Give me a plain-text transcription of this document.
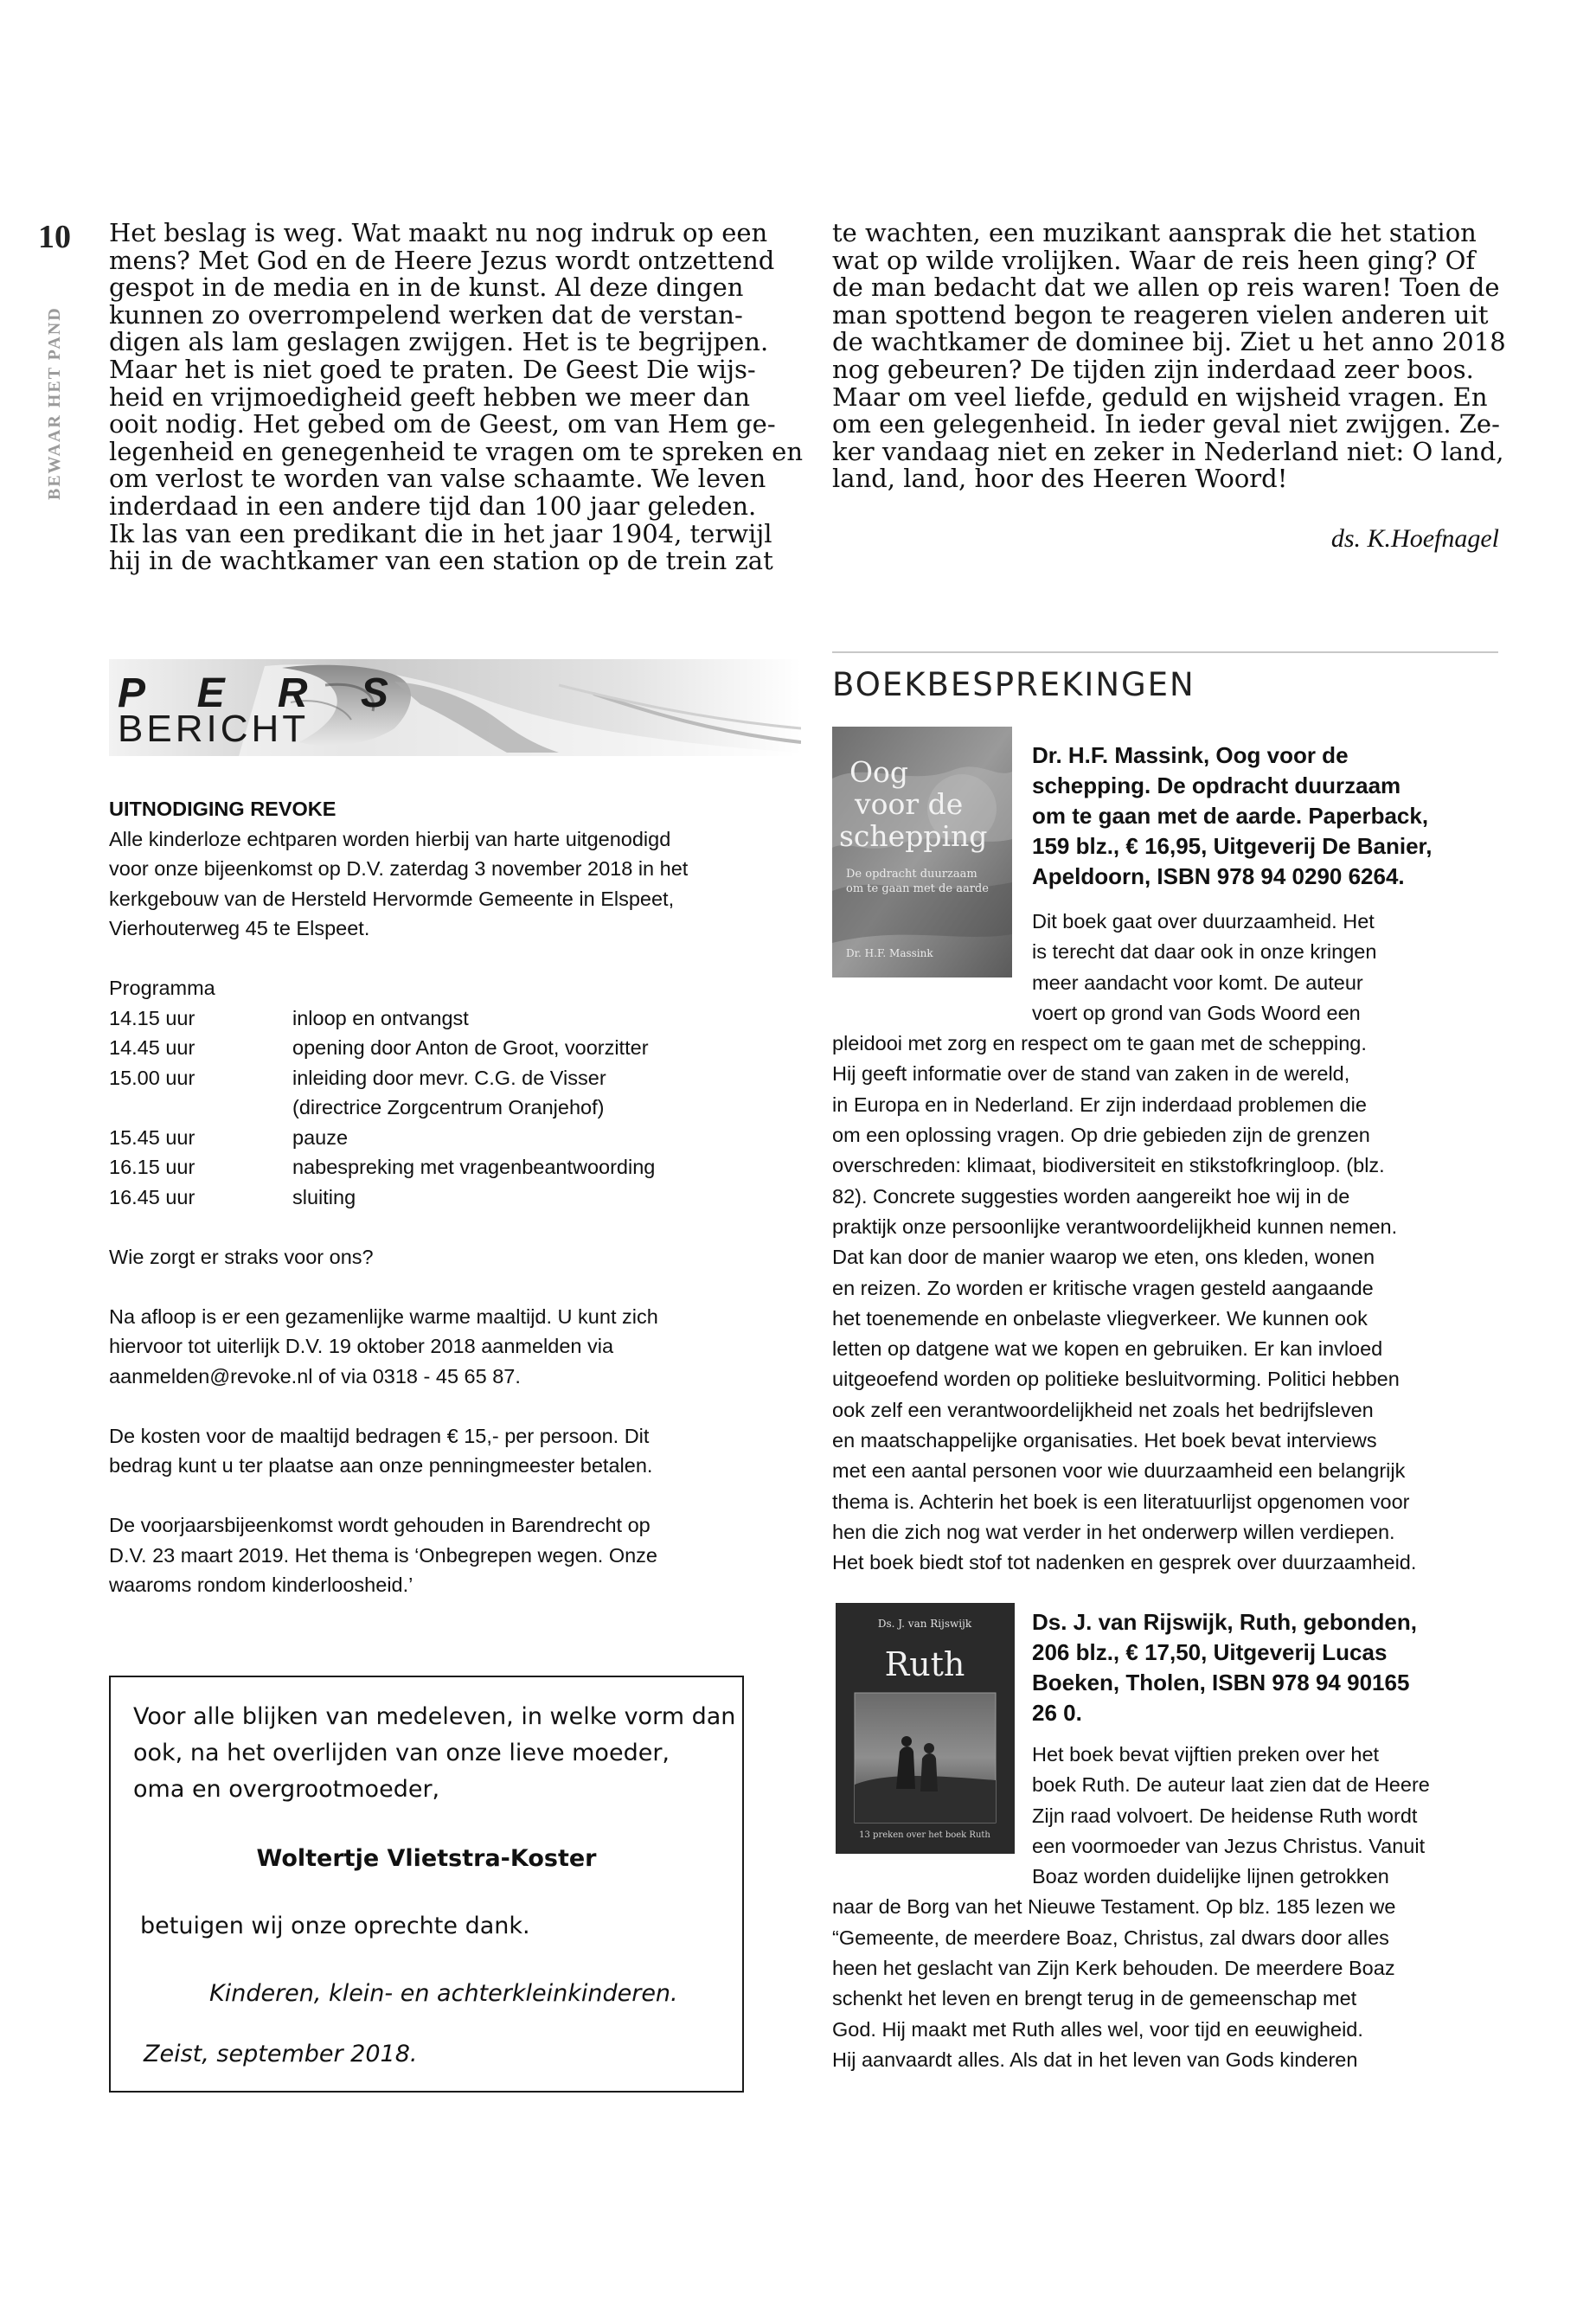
10
BEWAAR HET PAND
Het beslag is weg. Wat maakt nu nog indruk op een
mens? Met God en de Heere Jezus wordt ontzettend
gespot in de media en in de kunst. Al deze dingen
kunnen zo overrompelend werken dat de verstan-
digen als lam geslagen zwijgen. Het is te begrijpen.
Maar het is niet goed te praten. De Geest Die wijs-
heid en vrijmoedigheid geeft hebben we meer dan
ooit nodig. Het gebed om de Geest, om van Hem ge-
legenheid en genegenheid te vragen om te spreken en
om verlost te worden van valse schaamte. We leven
inderdaad in een andere tijd dan 100 jaar geleden.
Ik las van een predikant die in het jaar 1904, terwijl
hij in de wachtkamer van een station op de trein zat
te wachten, een muzikant aansprak die het station
wat op wilde vrolijken. Waar de reis heen ging? Of
de man bedacht dat we allen op reis waren! Toen de
man spottend begon te reageren vielen anderen uit
de wachtkamer de dominee bij. Ziet u het anno 2018
nog gebeuren? De tijden zijn inderdaad zeer boos.
Maar om veel liefde, geduld en wijsheid vragen. En
om een gelegenheid. In ieder geval niet zwijgen. Ze-
ker vandaag niet en zeker in Nederland niet: O land,
land, land, hoor des Heeren Woord!
ds. K.Hoefnagel
P E R S
BERICHT
UITNODIGING REVOKE
Alle kinderloze echtparen worden hierbij van harte uitgenodigd
voor onze bijeenkomst op D.V. zaterdag 3 november 2018 in het
kerkgebouw van de Hersteld Hervormde Gemeente in Elspeet,
Vierhouterweg 45 te Elspeet.
Programma
14.15 uur	inloop en ontvangst
14.45 uur	opening door Anton de Groot, voorzitter
15.00 uur	inleiding door mevr. C.G. de Visser
(directrice Zorgcentrum Oranjehof)
15.45 uur	pauze
16.15 uur	nabespreking met vragenbeantwoording
16.45 uur	sluiting
Wie zorgt er straks voor ons?
Na afloop is er een gezamenlijke warme maaltijd. U kunt zich
hiervoor tot uiterlijk D.V. 19 oktober 2018 aanmelden via
aanmelden@revoke.nl of via 0318 - 45 65 87.
De kosten voor de maaltijd bedragen € 15,- per persoon. Dit
bedrag kunt u ter plaatse aan onze penningmeester betalen.
De voorjaarsbijeenkomst wordt gehouden in Barendrecht op
D.V. 23 maart 2019. Het thema is ‘Onbegrepen wegen. Onze
waaroms rondom kinderloosheid.’
Voor alle blijken van medeleven, in welke vorm dan
ook, na het overlijden van onze lieve moeder,
oma en overgrootmoeder,
Woltertje Vlietstra-Koster
betuigen wij onze oprechte dank.
Kinderen, klein- en achterkleinkinderen.
Zeist, september 2018.
BOEKBESPREKINGEN
Oog
voor de
schepping
De opdracht duurzaam
om te gaan met de aarde
Dr. H.F. Massink
Dr. H.F. Massink, Oog voor de
schepping. De opdracht duurzaam
om te gaan met de aarde. Paperback,
159 blz., € 16,95, Uitgeverij De Banier,
Apeldoorn, ISBN 978 94 0290 6264.
Dit boek gaat over duurzaamheid. Het
is terecht dat daar ook in onze kringen
meer aandacht voor komt. De auteur
voert op grond van Gods Woord een
pleidooi met zorg en respect om te gaan met de schepping.
Hij geeft informatie over de stand van zaken in de wereld,
in Europa en in Nederland. Er zijn inderdaad problemen die
om een oplossing vragen. Op drie gebieden zijn de grenzen
overschreden: klimaat, biodiversiteit en stikstofkringloop. (blz.
82). Concrete suggesties worden aangereikt hoe wij in de
praktijk onze persoonlijke verantwoordelijkheid kunnen nemen.
Dat kan door de manier waarop we eten, ons kleden, wonen
en reizen. Zo worden er kritische vragen gesteld aangaande
het toenemende en onbelaste vliegverkeer. We kunnen ook
letten op datgene wat we kopen en gebruiken. Er kan invloed
uitgeoefend worden op politieke besluitvorming. Politici hebben
ook zelf een verantwoordelijkheid net zoals het bedrijfsleven
en maatschappelijke organisaties. Het boek bevat interviews
met een aantal personen voor wie duurzaamheid een belangrijk
thema is. Achterin het boek is een literatuurlijst opgenomen voor
hen die zich nog wat verder in het onderwerp willen verdiepen.
Het boek biedt stof tot nadenken en gesprek over duurzaamheid.
Ds. J. van Rijswijk
Ruth
13 preken over het boek Ruth
Ds. J. van Rijswijk, Ruth, gebonden,
206 blz., € 17,50, Uitgeverij Lucas
Boeken, Tholen, ISBN 978 94 90165
26 0.
Het boek bevat vijftien preken over het
boek Ruth. De auteur laat zien dat de Heere
Zijn raad volvoert. De heidense Ruth wordt
een voormoeder van Jezus Christus. Vanuit
Boaz worden duidelijke lijnen getrokken
naar de Borg van het Nieuwe Testament. Op blz. 185 lezen we
“Gemeente, de meerdere Boaz, Christus, zal dwars door alles
heen het geslacht van Zijn Kerk behouden. De meerdere Boaz
schenkt het leven en brengt terug in de gemeenschap met
God. Hij maakt met Ruth alles wel, voor tijd en eeuwigheid.
Hij aanvaardt alles. Als dat in het leven van Gods kinderen
